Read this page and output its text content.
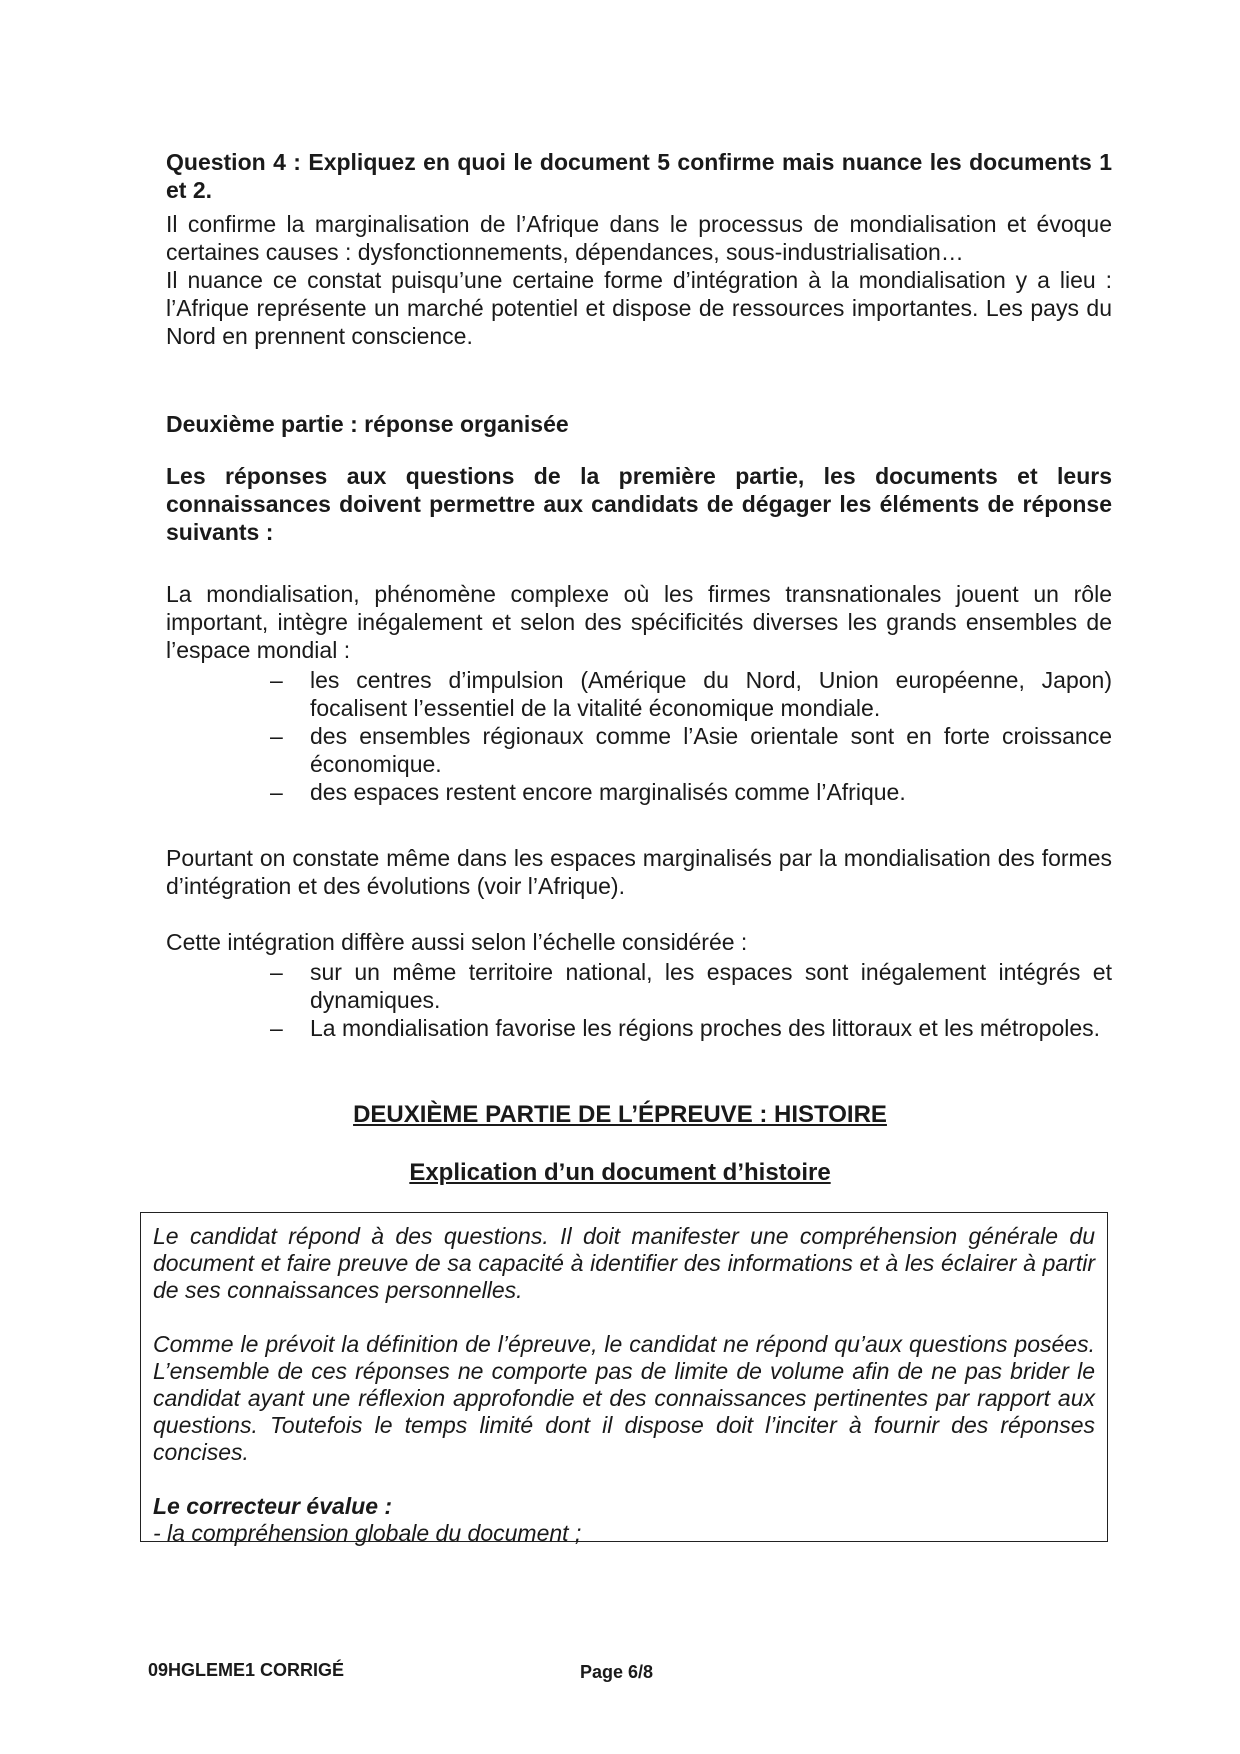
Question 4 : Expliquez en quoi le document 5 confirme mais nuance les documents 1 et 2.

Il confirme la marginalisation de l’Afrique dans le processus de mondialisation et évoque certaines causes : dysfonctionnements, dépendances, sous-industrialisation…

Il nuance ce constat puisqu’une certaine forme d’intégration à la mondialisation y a lieu : l’Afrique représente un marché potentiel et dispose de ressources importantes. Les pays du Nord en prennent conscience.

Deuxième partie : réponse organisée

Les réponses aux questions de la première partie, les documents et leurs connaissances doivent permettre aux candidats de dégager les éléments de réponse suivants :

La mondialisation, phénomène complexe où les firmes transnationales jouent un rôle important, intègre inégalement et selon des spécificités diverses les grands ensembles de l’espace mondial :

– les centres d’impulsion (Amérique du Nord, Union européenne, Japon) focalisent l’essentiel de la vitalité économique mondiale.
– des ensembles régionaux comme l’Asie orientale sont en forte croissance économique.
– des espaces restent encore marginalisés comme l’Afrique.

Pourtant on constate même dans les espaces marginalisés par la mondialisation des formes d’intégration et des évolutions (voir l’Afrique).

Cette intégration diffère aussi selon l’échelle considérée :

– sur un même territoire national, les espaces sont inégalement intégrés et dynamiques.
– La mondialisation favorise les régions proches des littoraux et les métropoles.
DEUXIÈME PARTIE DE L’ÉPREUVE : HISTOIRE
Explication d’un document d’histoire

Le candidat répond à des questions. Il doit manifester une compréhension générale du document et faire preuve de sa capacité à identifier des informations et à les éclairer à partir de ses connaissances personnelles.

Comme le prévoit la définition de l’épreuve, le candidat ne répond qu’aux questions posées. L’ensemble de ces réponses ne comporte pas de limite de volume afin de ne pas brider le candidat ayant une réflexion approfondie et des connaissances pertinentes par rapport aux questions. Toutefois le temps limité dont il dispose doit l’inciter à fournir des réponses concises.

Le correcteur évalue :

- la compréhension globale du document ;

09HGLEME1 CORRIGÉ	Page 6/8
